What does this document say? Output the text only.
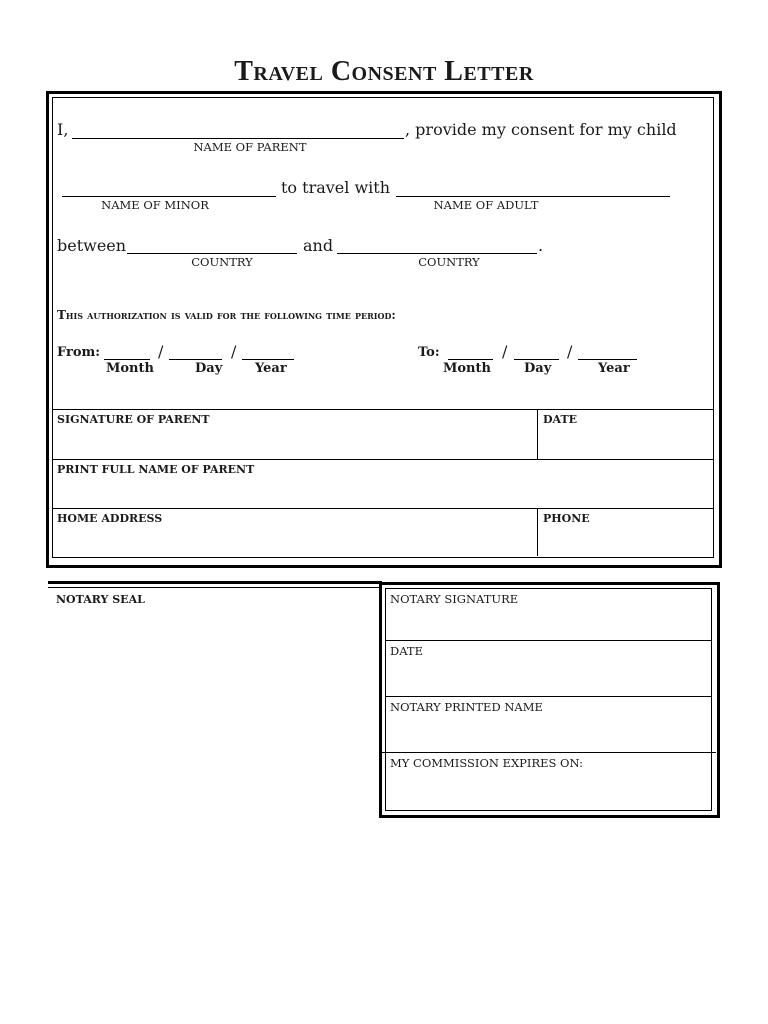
Travel Consent Letter
I,	, provide my consent for my child
NAME OF PARENT
to travel with
NAME OF MINOR	NAME OF ADULT
between	and	.
COUNTRY	COUNTRY
This authorization is valid for the following time period:
From:	/	/
Month	Day	Year
To:	/	/
Month	Day	Year
SIGNATURE OF PARENT	DATE
PRINT FULL NAME OF PARENT
HOME ADDRESS	PHONE
NOTARY SEAL	NOTARY SIGNATURE
DATE
NOTARY PRINTED NAME
MY COMMISSION EXPIRES ON:
